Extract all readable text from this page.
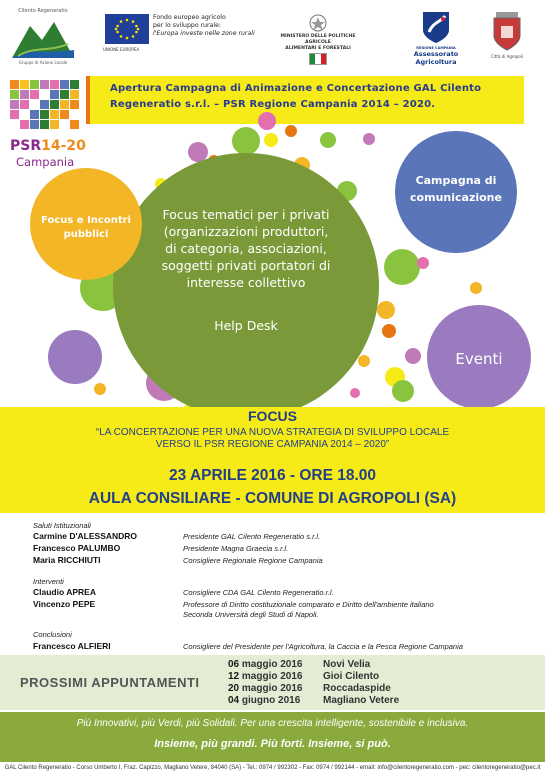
Cilento Regeneratio
Gruppo di Azione Locale
UNIONE EUROPEA
Fondo europeo agricolo
per lo sviluppo rurale:
l'Europa investe nelle zone rurali	MINISTERO DELLE POLITICHE AGRICOLE
ALIMENTARI E FORESTALI	REGIONE CAMPANIA
Assessorato Agricoltura
Città di Agropoli

Apertura Campagna di Animazione e Concertazione GAL Cilento

Regeneratio s.r.l. – PSR Regione Campania 2014 – 2020.

PSR14-20
Campania
Focus tematici per i privati
(organizzazioni produttori,
di categoria, associazioni,
soggetti privati portatori di
interesse collettivo
Help Desk
Focus e Incontri
pubblici
Campagna di
comunicazione
Eventi
FOCUS
“LA CONCERTAZIONE PER UNA NUOVA STRATEGIA DI SVILUPPO LOCALE
VERSO IL PSR REGIONE CAMPANIA 2014 – 2020”
23 APRILE 2016 - ORE 18.00
AULA CONSILIARE - COMUNE DI AGROPOLI (SA)
Saluti Istituzionali
Carmine D'ALESSANDRO	Presidente GAL Cilento Regeneratio s.r.l.
Francesco PALUMBO	Presidente Magna Graecia s.r.l.
Maria RICCHIUTI	Consigliere Regionale Regione Campania
Interventi
Claudio APREA	Consigliere CDA GAL Cilento Regeneratio.r.l.
Vincenzo PEPE	Professore di Diritto costituzionale comparato e Diritto dell'ambiente italiano
Seconda Università degli Studi di Napoli.
Conclusioni
Francesco ALFIERI	Consigliere del Presidente per l'Agricoltura, la Caccia e la Pesca Regione Campania
PROSSIMI APPUNTAMENTI
06 maggio 2016	Novi Velia
12 maggio 2016	Gioi Cilento
20 maggio 2016	Roccadaspide
04 giugno 2016	Magliano Vetere
Più Innovativi, più Verdi, più Solidali. Per una crescita intelligente, sostenibile e inclusiva.
Insieme, più grandi. Più forti. Insieme, si può.
GAL Cilento Regeneratio - Corso Umberto I, Fraz. Capizzo, Magliano Vetere, 84040 (SA) - Tel.: 0974 / 992302 - Fax: 0974 / 992144 - email: info@cilentoregeneratio.com - pec: cilentoregeneratio@pec.it
